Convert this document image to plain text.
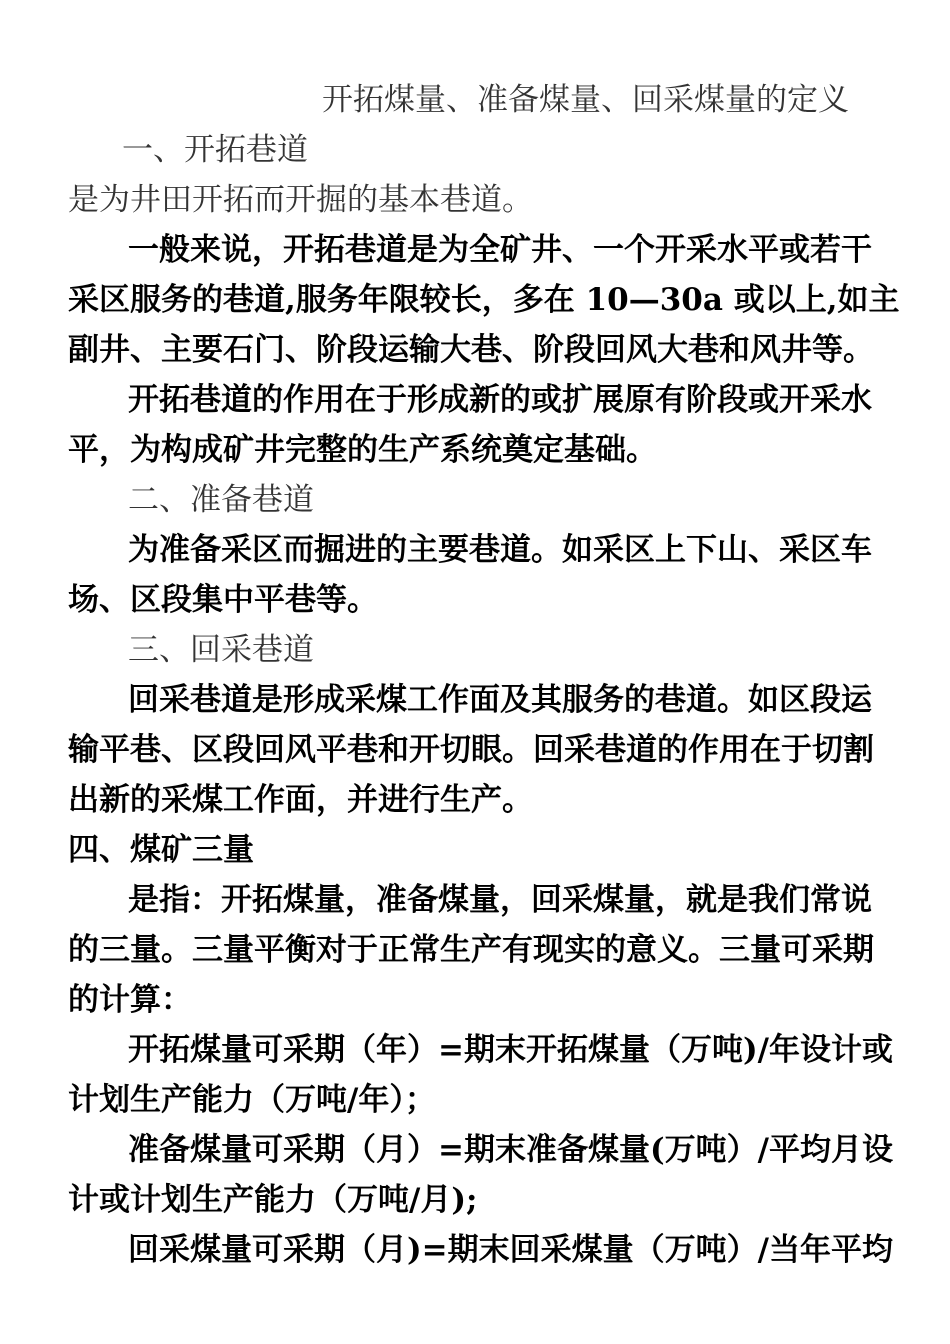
开拓煤量、准备煤量、回采煤量的定义
一、开拓巷道
是为井田开拓而开掘的基本巷道。
一般来说，开拓巷道是为全矿井、一个开采水平或若干
采区服务的巷道,服务年限较长，多在 10—30a 或以上,如主
副井、主要石门、阶段运输大巷、阶段回风大巷和风井等。
开拓巷道的作用在于形成新的或扩展原有阶段或开采水
平，为构成矿井完整的生产系统奠定基础。
二、准备巷道
为准备采区而掘进的主要巷道。如采区上下山、采区车
场、区段集中平巷等。
三、回采巷道
回采巷道是形成采煤工作面及其服务的巷道。如区段运
输平巷、区段回风平巷和开切眼。回采巷道的作用在于切割
出新的采煤工作面，并进行生产。
四、煤矿三量
是指：开拓煤量，准备煤量，回采煤量，就是我们常说
的三量。三量平衡对于正常生产有现实的意义。三量可采期
的计算：
开拓煤量可采期（年）=期末开拓煤量（万吨)/年设计或
计划生产能力（万吨/年）；
准备煤量可采期（月）=期末准备煤量(万吨）/平均月设
计或计划生产能力（万吨/月);
回采煤量可采期（月)=期末回采煤量（万吨）/当年平均
